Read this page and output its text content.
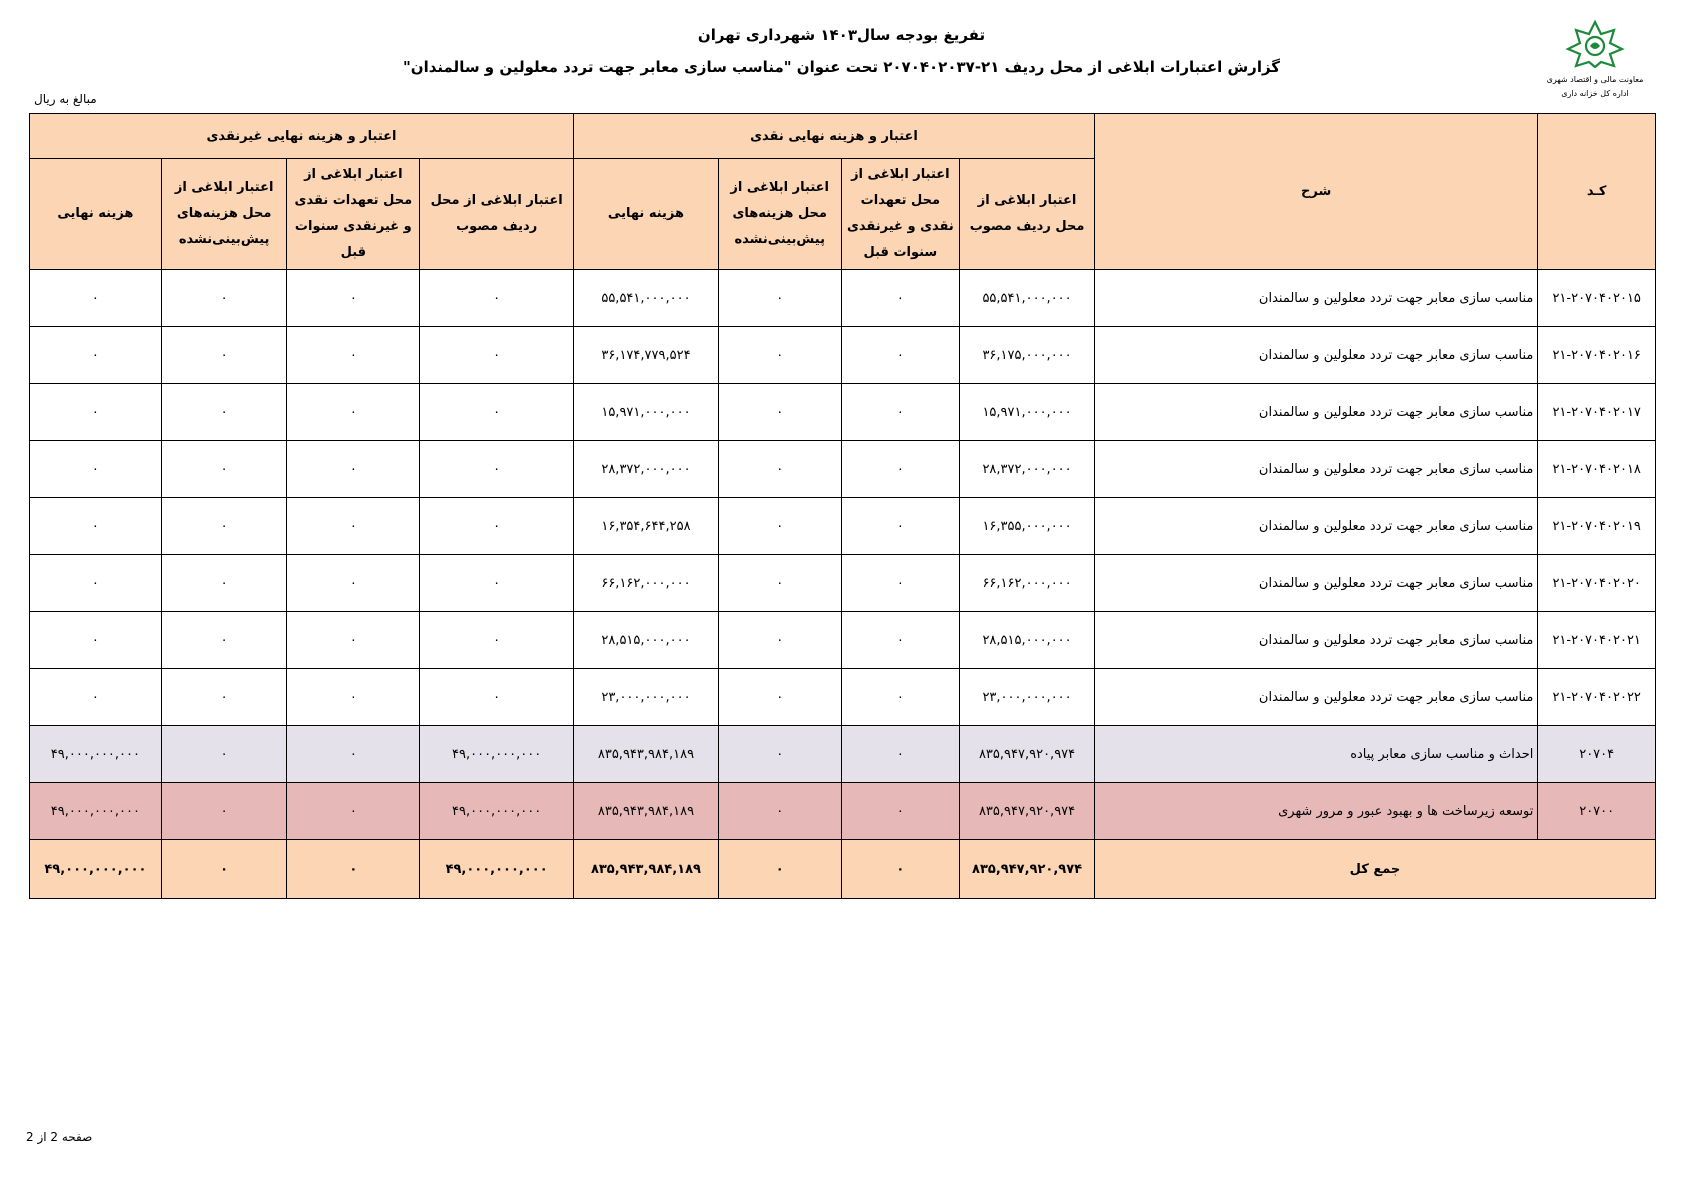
تفریغ بودجه سال۱۴۰۳ شهرداری تهران
گزارش اعتبارات ابلاغی از محل ردیف ۲۱-۲۰۷۰۴۰۲۰۳۷ تحت عنوان "مناسب سازی معابر جهت تردد معلولین و سالمندان"
معاونت مالی و اقتصاد شهری
اداره کل خزانه داری
مبالغ به ریال
کـد	شرح	اعتبار و هزینه نهایی نقدی				اعتبار و هزینه نهایی غیرنقدی			
		اعتبار ابلاغی از محل ردیف مصوب	اعتبار ابلاغی از محل تعهدات نقدی و غیرنقدی سنوات قبل	اعتبار ابلاغی از محل هزینه‌های پیش‌بینی‌نشده	هزینه نهایی	اعتبار ابلاغی از محل ردیف مصوب	اعتبار ابلاغی از محل تعهدات نقدی و غیرنقدی سنوات قبل	اعتبار ابلاغی از محل هزینه‌های پیش‌بینی‌نشده	هزینه نهایی
۲۱-۲۰۷۰۴۰۲۰۱۵	مناسب سازی معابر جهت تردد معلولین و سالمندان	۵۵,۵۴۱,۰۰۰,۰۰۰	۰	۰	۵۵,۵۴۱,۰۰۰,۰۰۰	۰	۰	۰	۰
۲۱-۲۰۷۰۴۰۲۰۱۶	مناسب سازی معابر جهت تردد معلولین و سالمندان	۳۶,۱۷۵,۰۰۰,۰۰۰	۰	۰	۳۶,۱۷۴,۷۷۹,۵۲۴	۰	۰	۰	۰
۲۱-۲۰۷۰۴۰۲۰۱۷	مناسب سازی معابر جهت تردد معلولین و سالمندان	۱۵,۹۷۱,۰۰۰,۰۰۰	۰	۰	۱۵,۹۷۱,۰۰۰,۰۰۰	۰	۰	۰	۰
۲۱-۲۰۷۰۴۰۲۰۱۸	مناسب سازی معابر جهت تردد معلولین و سالمندان	۲۸,۳۷۲,۰۰۰,۰۰۰	۰	۰	۲۸,۳۷۲,۰۰۰,۰۰۰	۰	۰	۰	۰
۲۱-۲۰۷۰۴۰۲۰۱۹	مناسب سازی معابر جهت تردد معلولین و سالمندان	۱۶,۳۵۵,۰۰۰,۰۰۰	۰	۰	۱۶,۳۵۴,۶۴۴,۲۵۸	۰	۰	۰	۰
۲۱-۲۰۷۰۴۰۲۰۲۰	مناسب سازی معابر جهت تردد معلولین و سالمندان	۶۶,۱۶۲,۰۰۰,۰۰۰	۰	۰	۶۶,۱۶۲,۰۰۰,۰۰۰	۰	۰	۰	۰
۲۱-۲۰۷۰۴۰۲۰۲۱	مناسب سازی معابر جهت تردد معلولین و سالمندان	۲۸,۵۱۵,۰۰۰,۰۰۰	۰	۰	۲۸,۵۱۵,۰۰۰,۰۰۰	۰	۰	۰	۰
۲۱-۲۰۷۰۴۰۲۰۲۲	مناسب سازی معابر جهت تردد معلولین و سالمندان	۲۳,۰۰۰,۰۰۰,۰۰۰	۰	۰	۲۳,۰۰۰,۰۰۰,۰۰۰	۰	۰	۰	۰
۲۰۷۰۴	احداث و مناسب سازی معابر پیاده	۸۳۵,۹۴۷,۹۲۰,۹۷۴	۰	۰	۸۳۵,۹۴۳,۹۸۴,۱۸۹	۴۹,۰۰۰,۰۰۰,۰۰۰	۰	۰	۴۹,۰۰۰,۰۰۰,۰۰۰
۲۰۷۰۰	توسعه زیرساخت ها و بهبود عبور و مرور شهری	۸۳۵,۹۴۷,۹۲۰,۹۷۴	۰	۰	۸۳۵,۹۴۳,۹۸۴,۱۸۹	۴۹,۰۰۰,۰۰۰,۰۰۰	۰	۰	۴۹,۰۰۰,۰۰۰,۰۰۰
جمع کل		۸۳۵,۹۴۷,۹۲۰,۹۷۴	۰	۰	۸۳۵,۹۴۳,۹۸۴,۱۸۹	۴۹,۰۰۰,۰۰۰,۰۰۰	۰	۰	۴۹,۰۰۰,۰۰۰,۰۰۰
صفحه 2 از 2
